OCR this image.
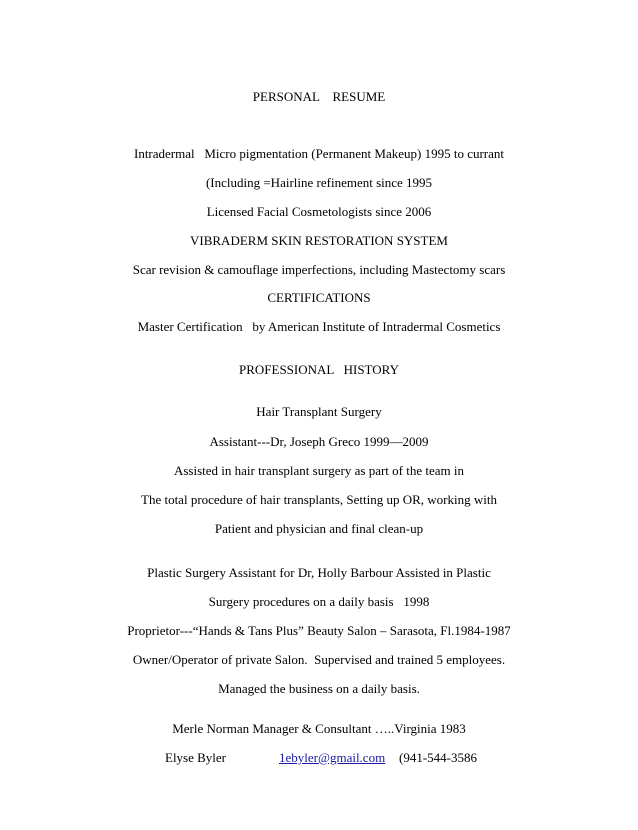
PERSONAL    RESUME
Intradermal   Micro pigmentation (Permanent Makeup) 1995 to currant
(Including =Hairline refinement since 1995
Licensed Facial Cosmetologists since 2006
VIBRADERM SKIN RESTORATION SYSTEM
Scar revision & camouflage imperfections, including Mastectomy scars
CERTIFICATIONS
Master Certification   by American Institute of Intradermal Cosmetics
PROFESSIONAL   HISTORY
Hair Transplant Surgery
Assistant---Dr, Joseph Greco 1999—2009
Assisted in hair transplant surgery as part of the team in
The total procedure of hair transplants, Setting up OR, working with
Patient and physician and final clean-up
Plastic Surgery Assistant for Dr, Holly Barbour Assisted in Plastic
Surgery procedures on a daily basis   1998
Proprietor---“Hands & Tans Plus” Beauty Salon – Sarasota, Fl.1984-1987
Owner/Operator of private Salon.  Supervised and trained 5 employees.
Managed the business on a daily basis.
Merle Norman Manager & Consultant …..Virginia 1983

Elyse Byler

	1ebyler@gmail.com

(941-544-3586
